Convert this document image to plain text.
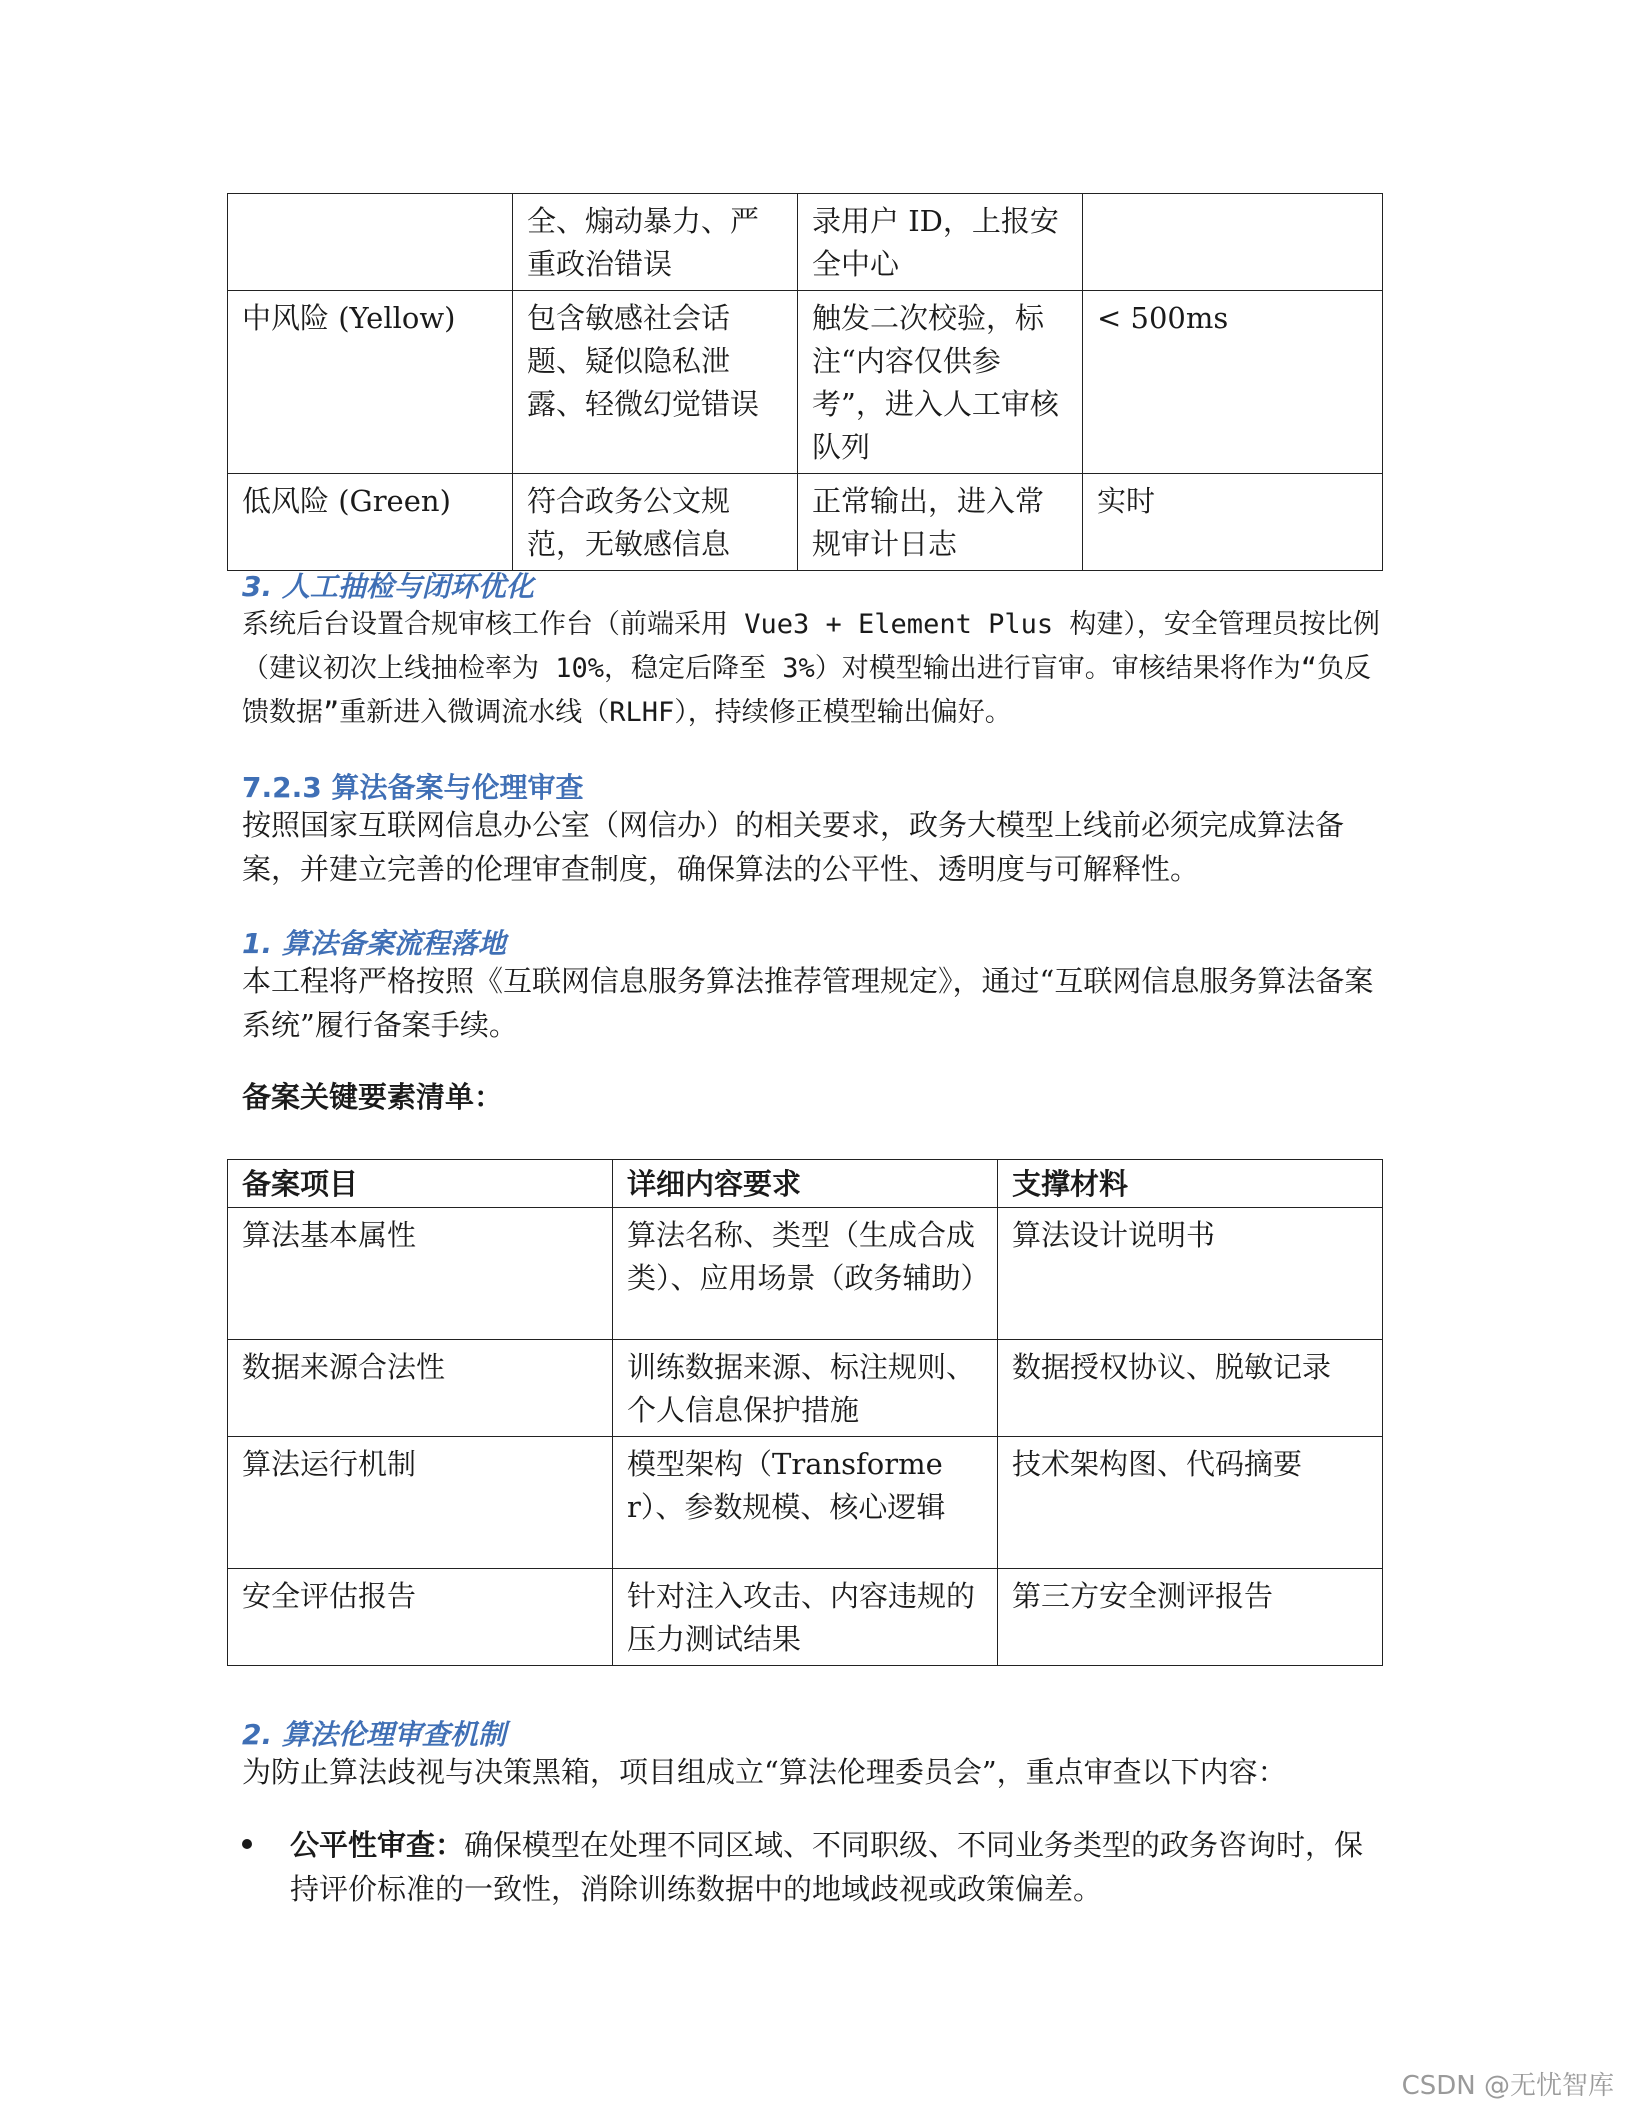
	全、煽动暴力、严重政治错误	录用户 ID，上报安全中心	
中风险 (Yellow)	包含敏感社会话题、疑似隐私泄露、轻微幻觉错误	触发二次校验，标注“内容仅供参考”，进入人工审核队列	< 500ms
低风险 (Green)	符合政务公文规范，无敏感信息	正常输出，进入常规审计日志	实时
3. 人工抽检与闭环优化
系统后台设置合规审核工作台（前端采用 Vue3 + Element Plus 构建），安全管理员按比例（建议初次上线抽检率为 10%，稳定后降至 3%）对模型输出进行盲审。审核结果将作为“负反馈数据”重新进入微调流水线（RLHF），持续修正模型输出偏好。
7.2.3 算法备案与伦理审查
按照国家互联网信息办公室（网信办）的相关要求，政务大模型上线前必须完成算法备案，并建立完善的伦理审查制度，确保算法的公平性、透明度与可解释性。
1. 算法备案流程落地
本工程将严格按照《互联网信息服务算法推荐管理规定》，通过“互联网信息服务算法备案系统”履行备案手续。
备案关键要素清单：
备案项目	详细内容要求	支撑材料
算法基本属性	算法名称、类型（生成合成类）、应用场景（政务辅助）	算法设计说明书
数据来源合法性	训练数据来源、标注规则、个人信息保护措施	数据授权协议、脱敏记录
算法运行机制	模型架构（Transformer）、参数规模、核心逻辑	技术架构图、代码摘要
安全评估报告	针对注入攻击、内容违规的压力测试结果	第三方安全测评报告
2. 算法伦理审查机制
为防止算法歧视与决策黑箱，项目组成立“算法伦理委员会”，重点审查以下内容：
公平性审查：确保模型在处理不同区域、不同职级、不同业务类型的政务咨询时，保持评价标准的一致性，消除训练数据中的地域歧视或政策偏差。
CSDN @无忧智库
